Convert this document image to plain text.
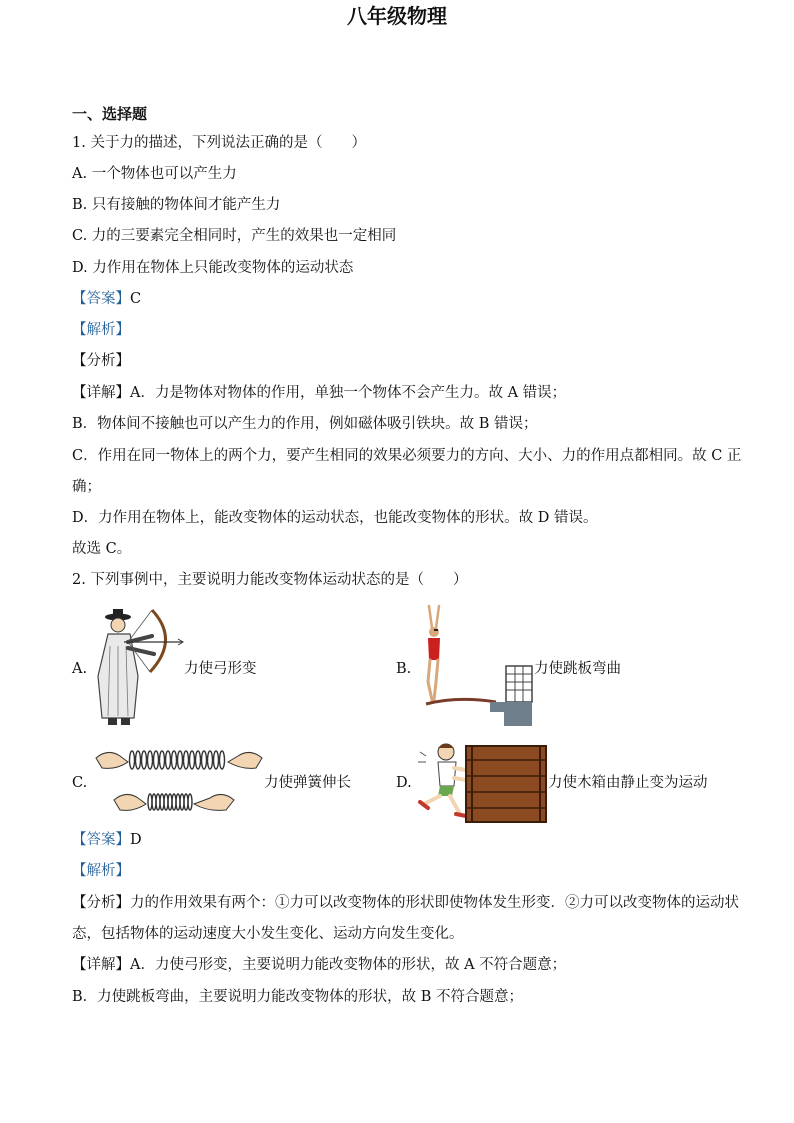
八年级物理
一、选择题
1. 关于力的描述，下列说法正确的是（　　）
A. 一个物体也可以产生力
B. 只有接触的物体间才能产生力
C. 力的三要素完全相同时，产生的效果也一定相同
D. 力作用在物体上只能改变物体的运动状态
【答案】C
【解析】
【分析】
【详解】A．力是物体对物体的作用，单独一个物体不会产生力。故 A 错误；
B．物体间不接触也可以产生力的作用，例如磁体吸引铁块。故 B 错误；
C．作用在同一物体上的两个力，要产生相同的效果必须要力的方向、大小、力的作用点都相同。故 C 正
确；
D．力作用在物体上，能改变物体的运动状态，也能改变物体的形状。故 D 错误。
故选 C。
2. 下列事例中，主要说明力能改变物体运动状态的是（　　）
A.	力使弓形变	B.	力使跳板弯曲
C.	力使弹簧伸长	D.	力使木箱由静止变为运动
【答案】D
【解析】
【分析】力的作用效果有两个：①力可以改变物体的形状即使物体发生形变．②力可以改变物体的运动状
态，包括物体的运动速度大小发生变化、运动方向发生变化。
【详解】A．力使弓形变，主要说明力能改变物体的形状，故 A 不符合题意；
B．力使跳板弯曲，主要说明力能改变物体的形状，故 B 不符合题意；
